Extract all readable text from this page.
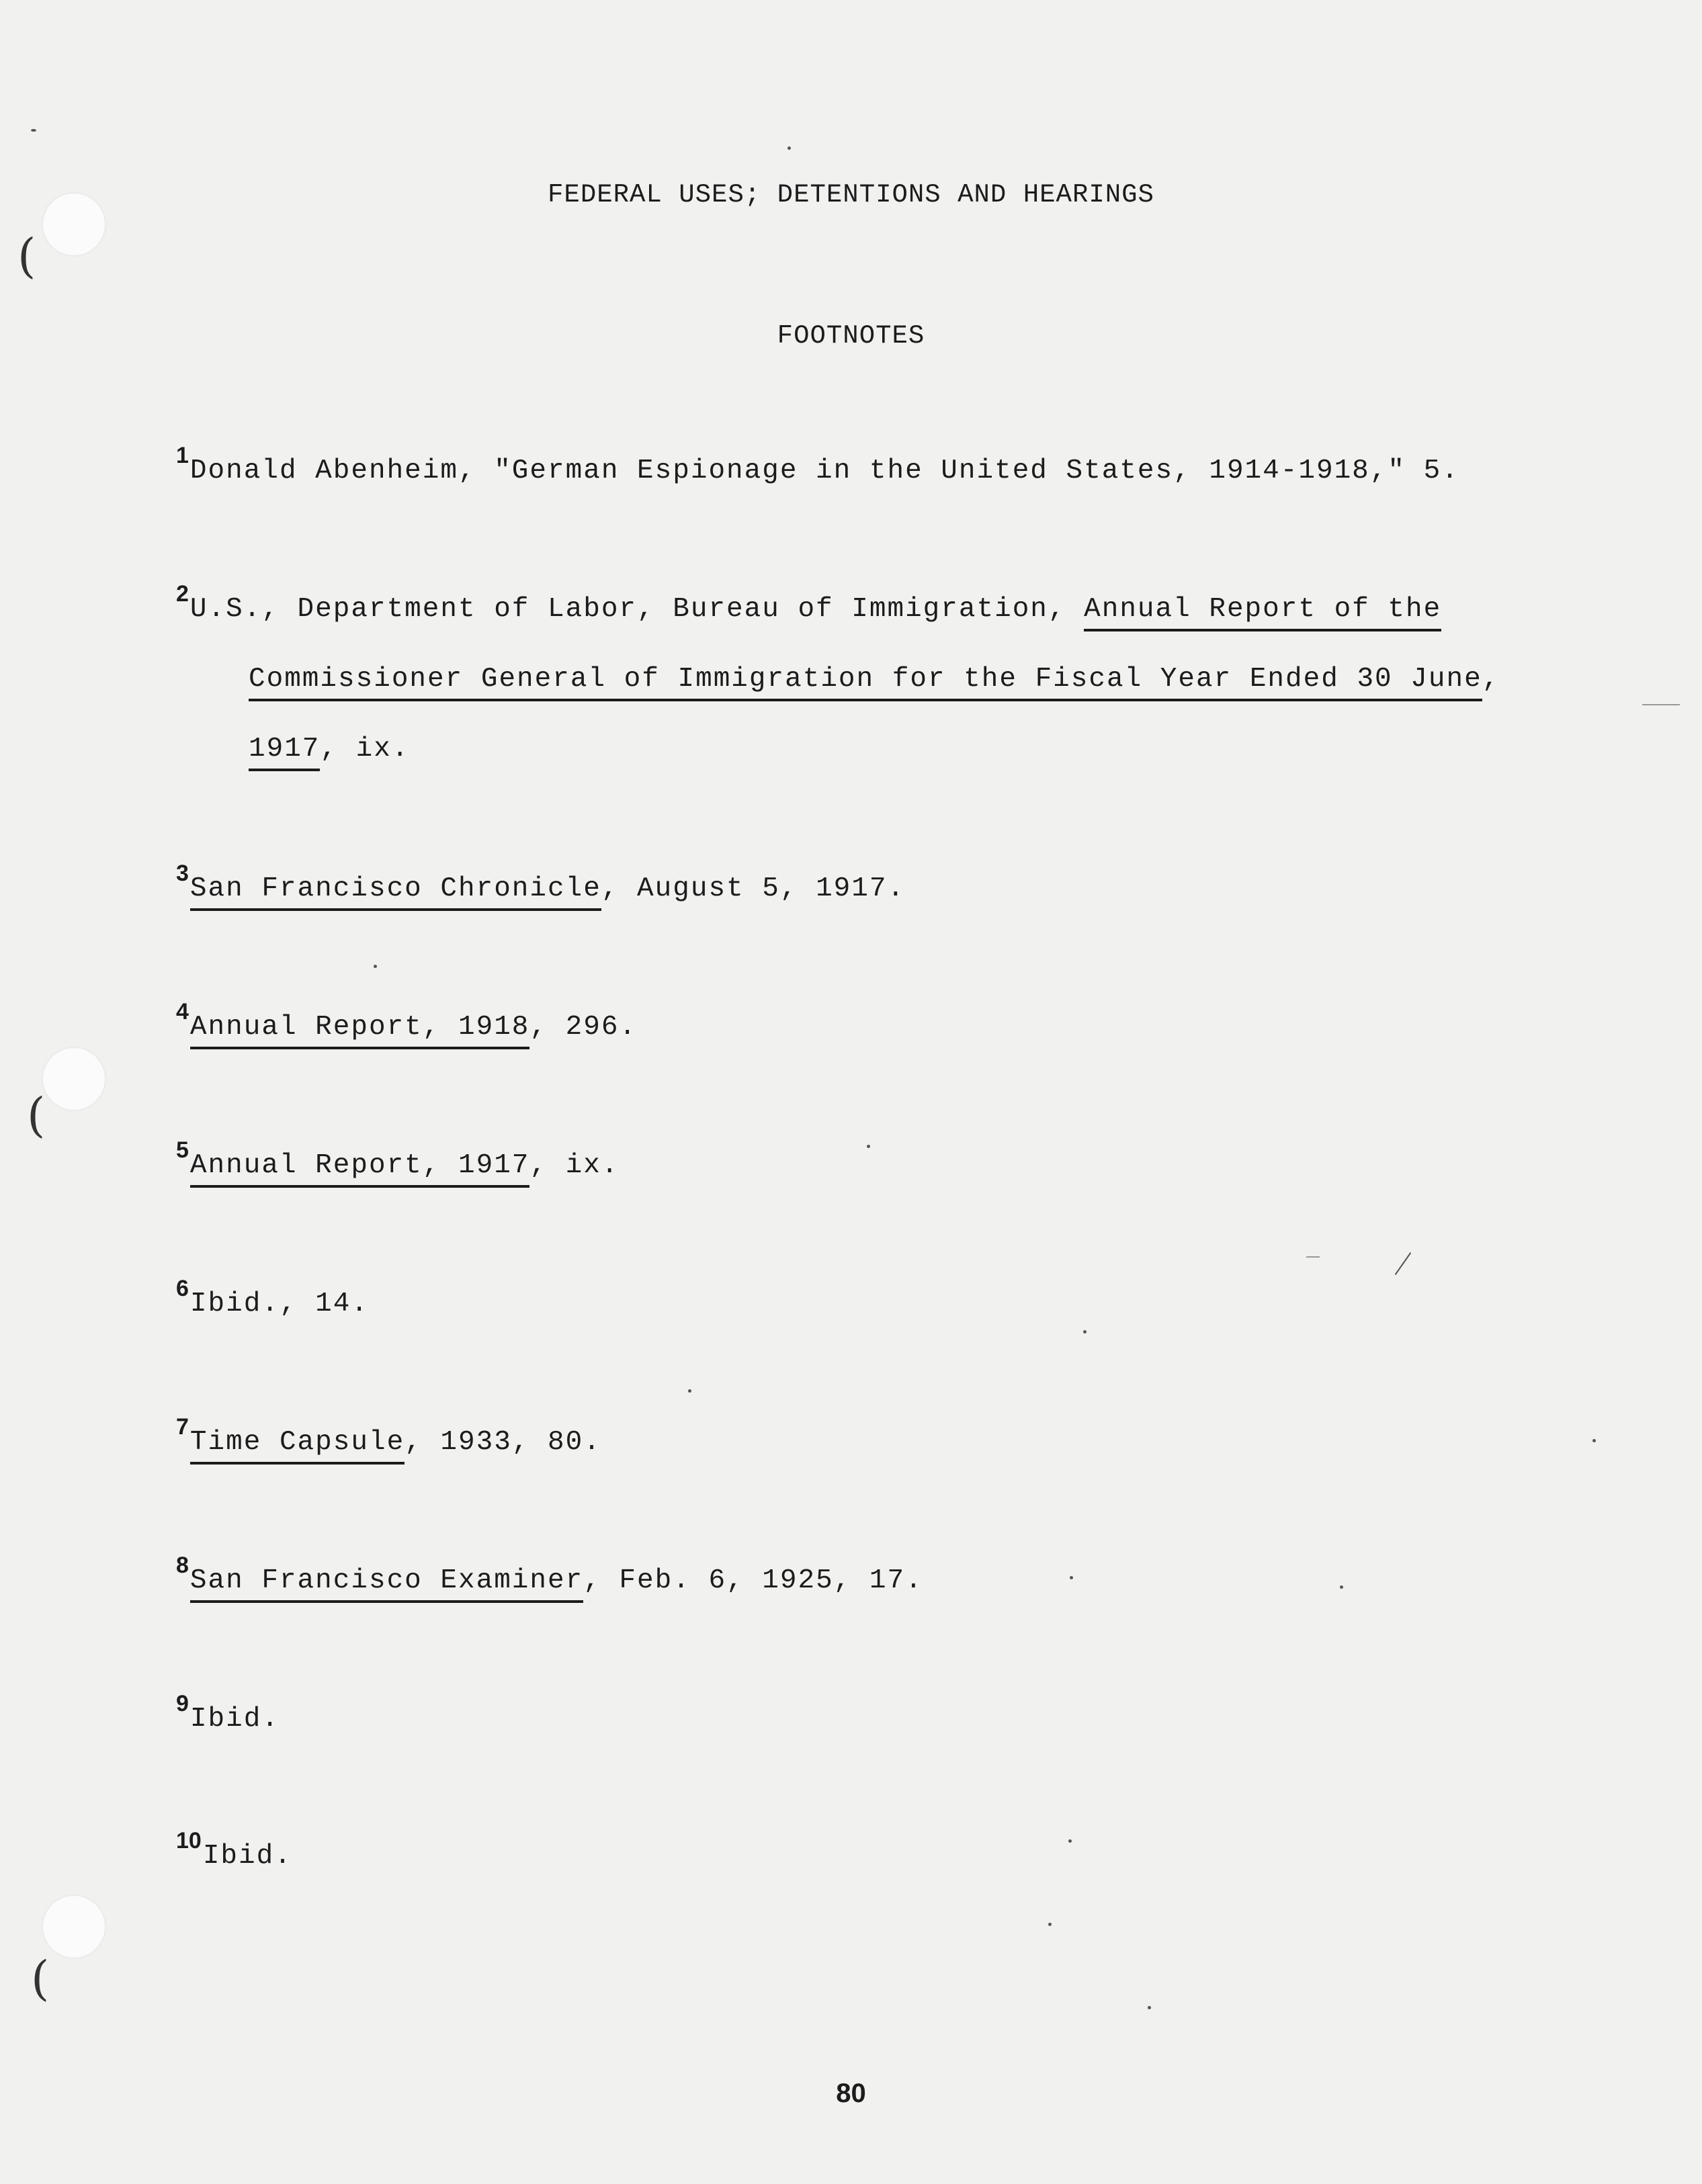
(
(
(
FEDERAL USES; DETENTIONS AND HEARINGS
FOOTNOTES
$^1$Donald Abenheim, "German Espionage in the United States, 1914-1918," 5.
$^2$U.S., Department of Labor, Bureau of Immigration, Annual Report of the
Commissioner General of Immigration for the Fiscal Year Ended 30 June,
1917, ix.
$^3$San Francisco Chronicle, August 5, 1917.
$^4$Annual Report, 1918, 296.
$^5$Annual Report, 1917, ix.
$^6$Ibid., 14.
$^7$Time Capsule, 1933, 80.
$^8$San Francisco Examiner, Feb. 6, 1925, 17.
$^9$Ibid.
$^{10}$Ibid.
80
